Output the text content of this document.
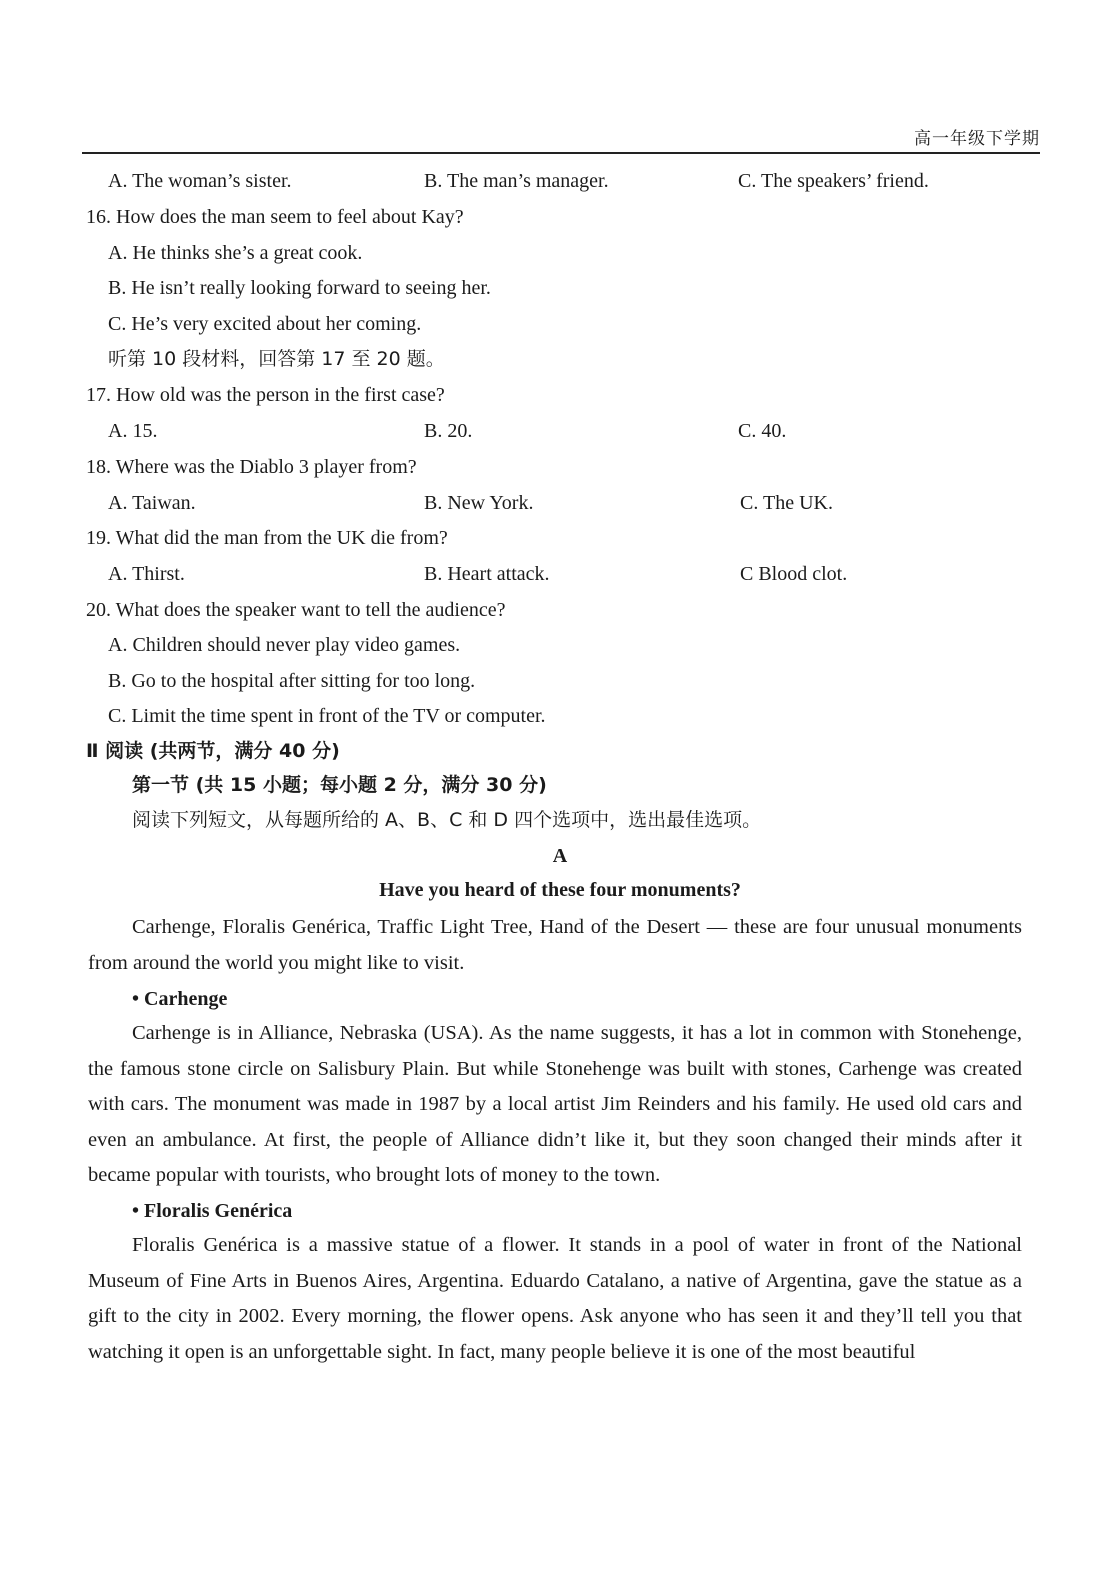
高一年级下学期
A. The woman’s sister.	B. The man’s manager.	C. The speakers’ friend.
16. How does the man seem to feel about Kay?
A. He thinks she’s a great cook.
B. He isn’t really looking forward to seeing her.
C. He’s very excited about her coming.
听第 10 段材料，回答第 17 至 20 题。
17. How old was the person in the first case?
A. 15.	B. 20.	C. 40.
18. Where was the Diablo 3 player from?
A. Taiwan.	B. New York.	C. The UK.
19. What did the man from the UK die from?
A. Thirst.	B. Heart attack.	C Blood clot.
20. What does the speaker want to tell the audience?
A. Children should never play video games.
B. Go to the hospital after sitting for too long.
C. Limit the time spent in front of the TV or computer.
Ⅱ 阅读 (共两节，满分 40 分)
第一节 (共 15 小题；每小题 2 分，满分 30 分)
阅读下列短文，从每题所给的 A、B、C 和 D 四个选项中，选出最佳选项。
A
Have you heard of these four monuments?
Carhenge, Floralis Genérica, Traffic Light Tree, Hand of the Desert — these are four unusual monuments from around the world you might like to visit.
• Carhenge
Carhenge is in Alliance, Nebraska (USA). As the name suggests, it has a lot in common with Stonehenge, the famous stone circle on Salisbury Plain. But while Stonehenge was built with stones, Carhenge was created with cars. The monument was made in 1987 by a local artist Jim Reinders and his family. He used old cars and even an ambulance. At first, the people of Alliance didn’t like it, but they soon changed their minds after it became popular with tourists, who brought lots of money to the town.
• Floralis Genérica
Floralis Genérica is a massive statue of a flower. It stands in a pool of water in front of the National Museum of Fine Arts in Buenos Aires, Argentina. Eduardo Catalano, a native of Argentina, gave the statue as a gift to the city in 2002. Every morning, the flower opens. Ask anyone who has seen it and they’ll tell you that watching it open is an unforgettable sight. In fact, many people believe it is one of the most beautiful
